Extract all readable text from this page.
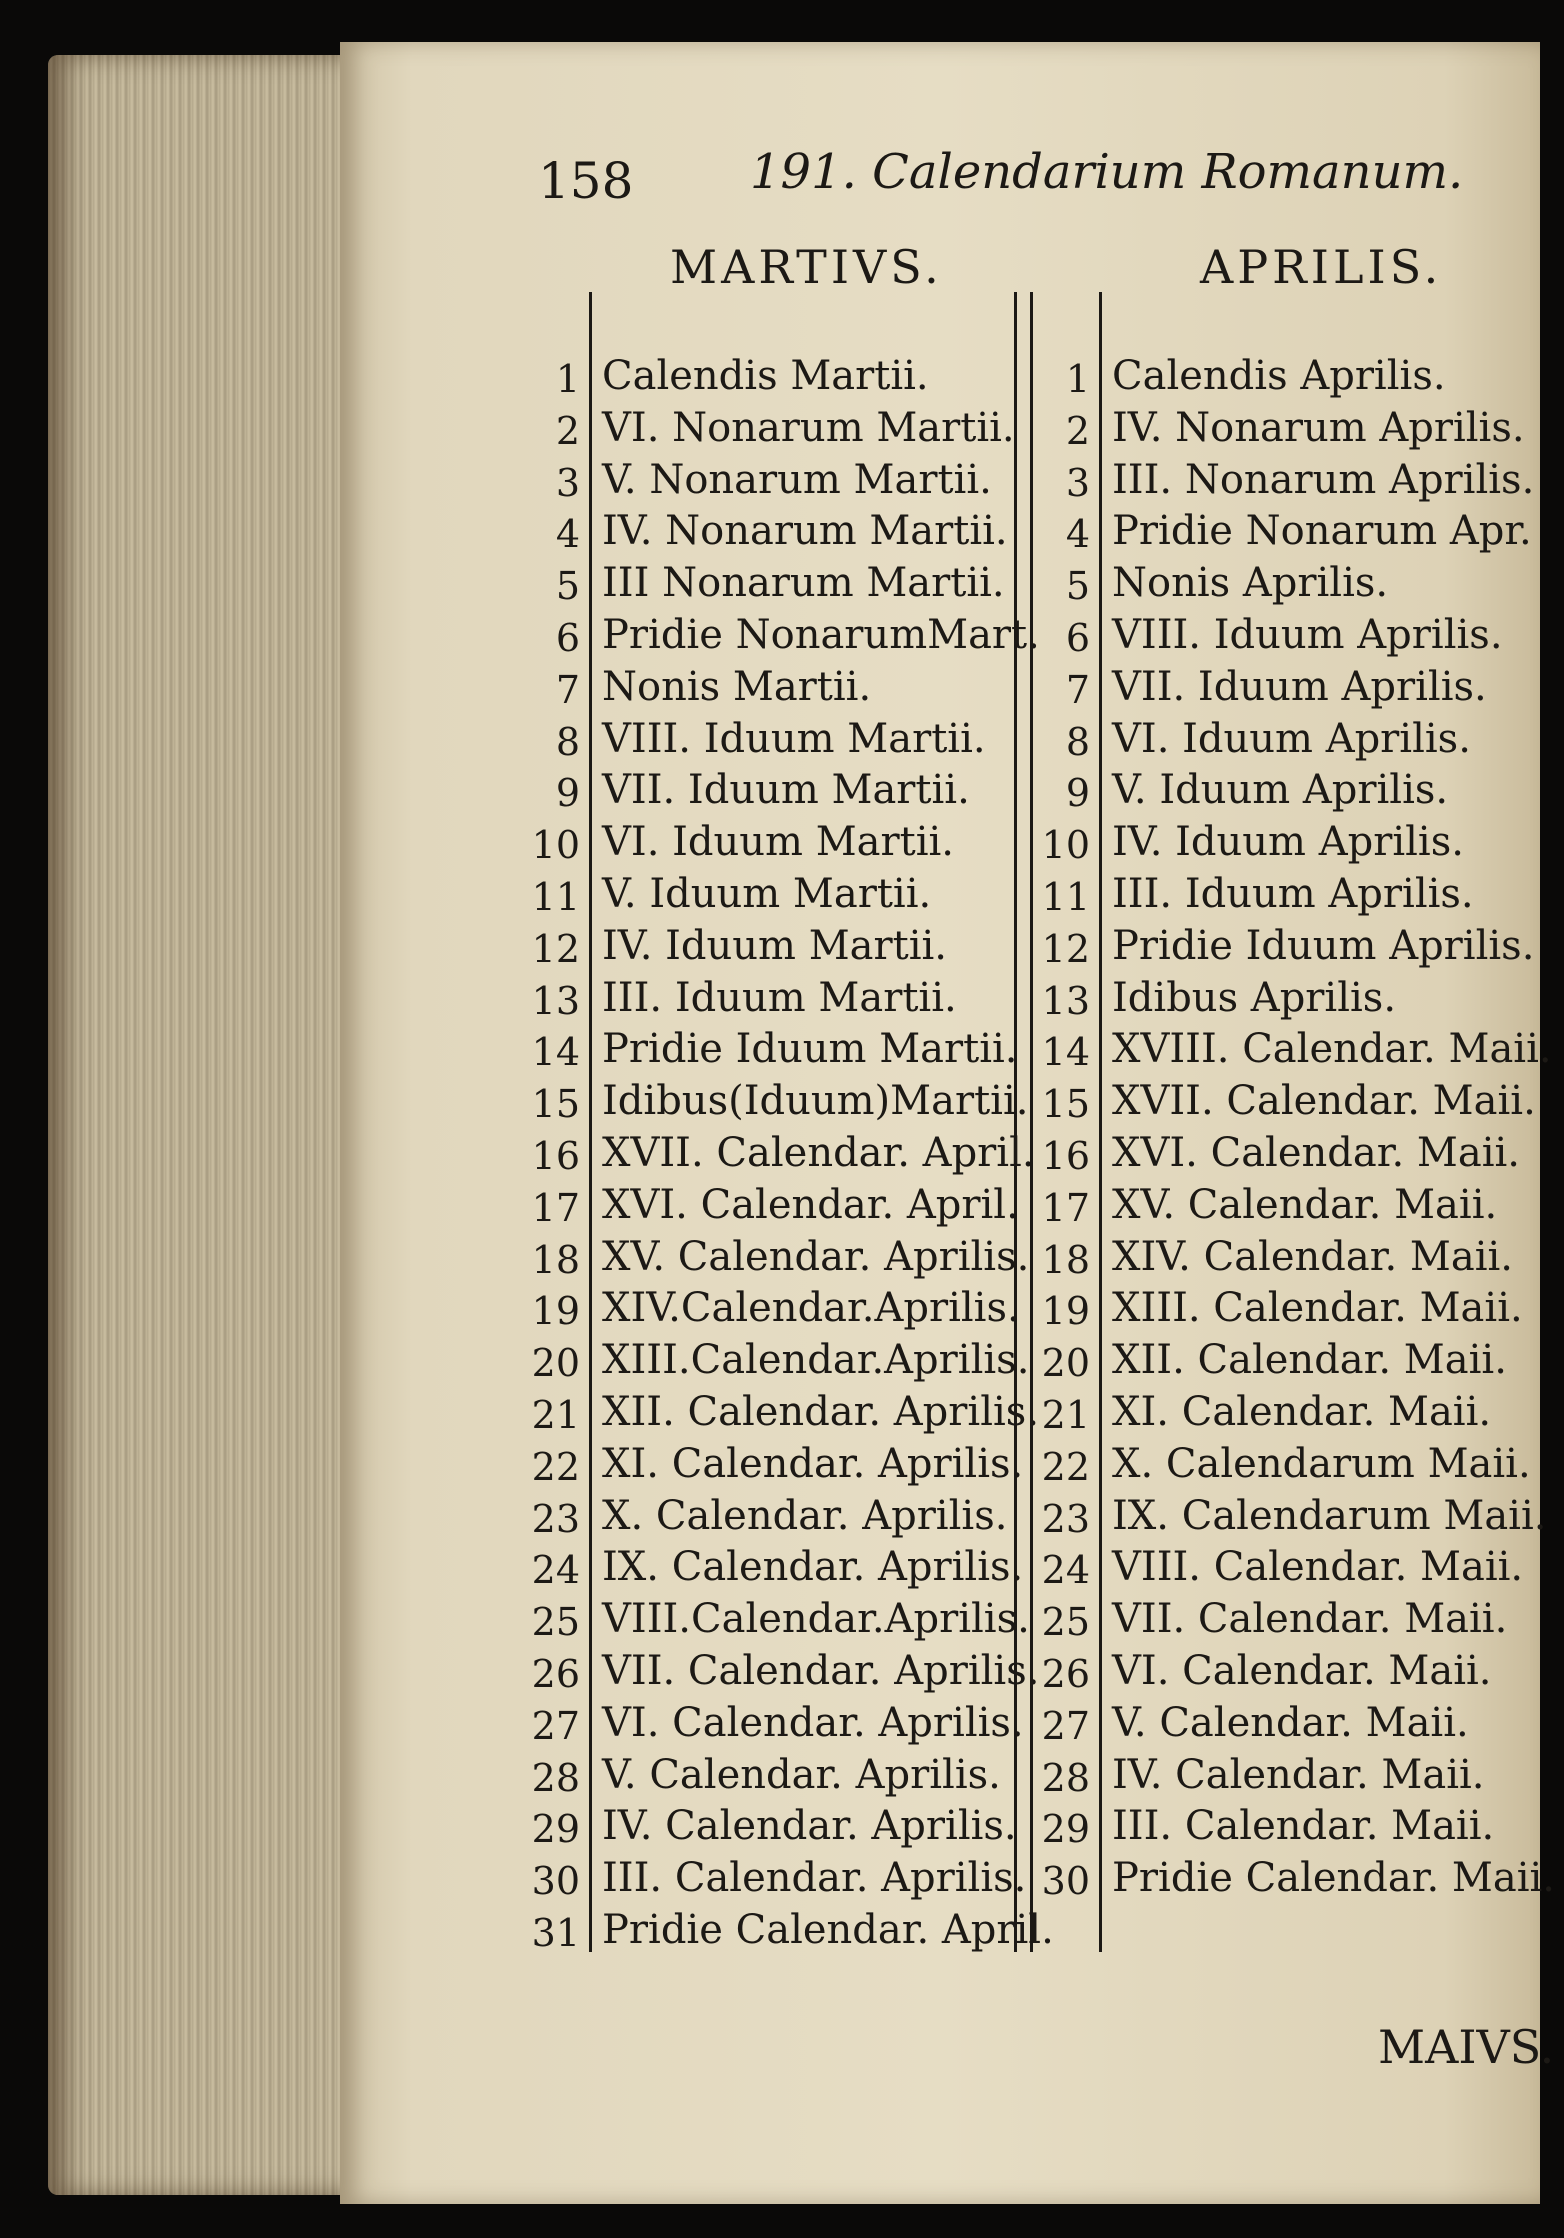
158 191. Calendarium Romanum.
MARTIVS.	APRILIS.
1 Calendis Martii.
2 VI. Nonarum Martii.
3 V. Nonarum Martii.
4 IV. Nonarum Martii.
5 III Nonarum Martii.
6 Pridie NonarumMart.
7 Nonis Martii.
8 VIII. Iduum Martii.
9 VII. Iduum Martii.
10 VI. Iduum Martii.
11 V. Iduum Martii.
12 IV. Iduum Martii.
13 III. Iduum Martii.
14 Pridie Iduum Martii.
15 Idibus(Iduum)Martii.
16 XVII. Calendar. April.
17 XVI. Calendar. April.
18 XV. Calendar. Aprilis.
19 XIV.Calendar.Aprilis.
20 XIII.Calendar.Aprilis.
21 XII. Calendar. Aprilis.
22 XI. Calendar. Aprilis.
23 X. Calendar. Aprilis.
24 IX. Calendar. Aprilis.
25 VIII.Calendar.Aprilis.
26 VII. Calendar. Aprilis.
27 VI. Calendar. Aprilis.
28 V. Calendar. Aprilis.
29 IV. Calendar. Aprilis.
30 III. Calendar. Aprilis.
31 Pridie Calendar. April.
1 Calendis Aprilis.
2 IV. Nonarum Aprilis.
3 III. Nonarum Aprilis.
4 Pridie Nonarum Apr.
5 Nonis Aprilis.
6 VIII. Iduum Aprilis.
7 VII. Iduum Aprilis.
8 VI. Iduum Aprilis.
9 V. Iduum Aprilis.
10 IV. Iduum Aprilis.
11 III. Iduum Aprilis.
12 Pridie Iduum Aprilis.
13 Idibus Aprilis.
14 XVIII. Calendar. Maii.
15 XVII. Calendar. Maii.
16 XVI. Calendar. Maii.
17 XV. Calendar. Maii.
18 XIV. Calendar. Maii.
19 XIII. Calendar. Maii.
20 XII. Calendar. Maii.
21 XI. Calendar. Maii.
22 X. Calendarum Maii.
23 IX. Calendarum Maii.
24 VIII. Calendar. Maii.
25 VII. Calendar. Maii.
26 VI. Calendar. Maii.
27 V. Calendar. Maii.
28 IV. Calendar. Maii.
29 III. Calendar. Maii.
30 Pridie Calendar. Maii.
MAIVS.
